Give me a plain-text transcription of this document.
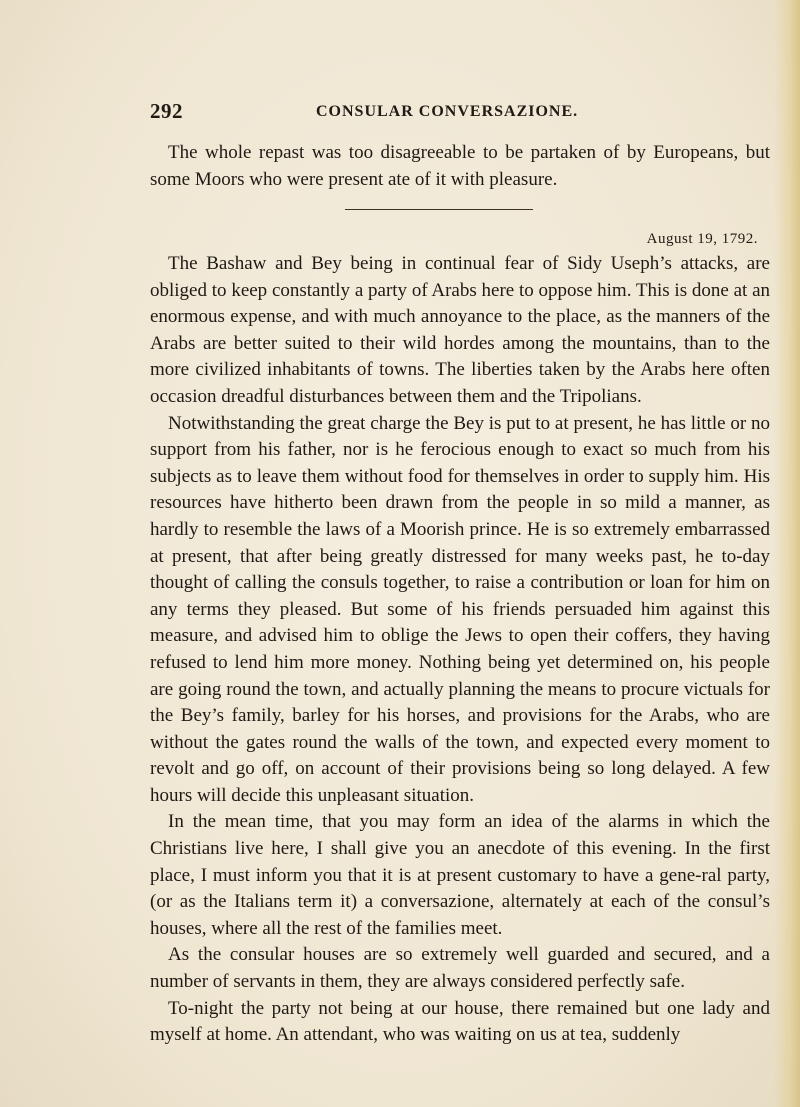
292	CONSULAR CONVERSAZIONE.

The whole repast was too disagreeable to be partaken of by Europeans, but some Moors who were present ate of it with pleasure.

August 19, 1792.

The Bashaw and Bey being in continual fear of Sidy Useph’s attacks, are obliged to keep constantly a party of Arabs here to oppose him. This is done at an enormous expense, and with much annoyance to the place, as the manners of the Arabs are better suited to their wild hordes among the mountains, than to the more civilized inhabitants of towns. The liberties taken by the Arabs here often occasion dreadful disturbances between them and the Tripolians.

Notwithstanding the great charge the Bey is put to at present, he has little or no support from his father, nor is he ferocious enough to exact so much from his subjects as to leave them without food for themselves in order to supply him. His resources have hitherto been drawn from the people in so mild a manner, as hardly to resemble the laws of a Moorish prince. He is so extremely embarrassed at present, that after being greatly distressed for many weeks past, he to-day thought of calling the consuls together, to raise a contribution or loan for him on any terms they pleased. But some of his friends persuaded him against this measure, and advised him to oblige the Jews to open their coffers, they having refused to lend him more money. Nothing being yet determined on, his people are going round the town, and actually planning the means to procure victuals for the Bey’s family, barley for his horses, and provisions for the Arabs, who are without the gates round the walls of the town, and expected every moment to revolt and go off, on account of their provisions being so long delayed. A few hours will decide this unpleasant situation.

In the mean time, that you may form an idea of the alarms in which the Christians live here, I shall give you an anecdote of this evening. In the first place, I must inform you that it is at present customary to have a gene-ral party, (or as the Italians term it) a conversazione, alternately at each of the consul’s houses, where all the rest of the families meet.

As the consular houses are so extremely well guarded and secured, and a number of servants in them, they are always considered perfectly safe.

To-night the party not being at our house, there remained but one lady and myself at home. An attendant, who was waiting on us at tea, suddenly
